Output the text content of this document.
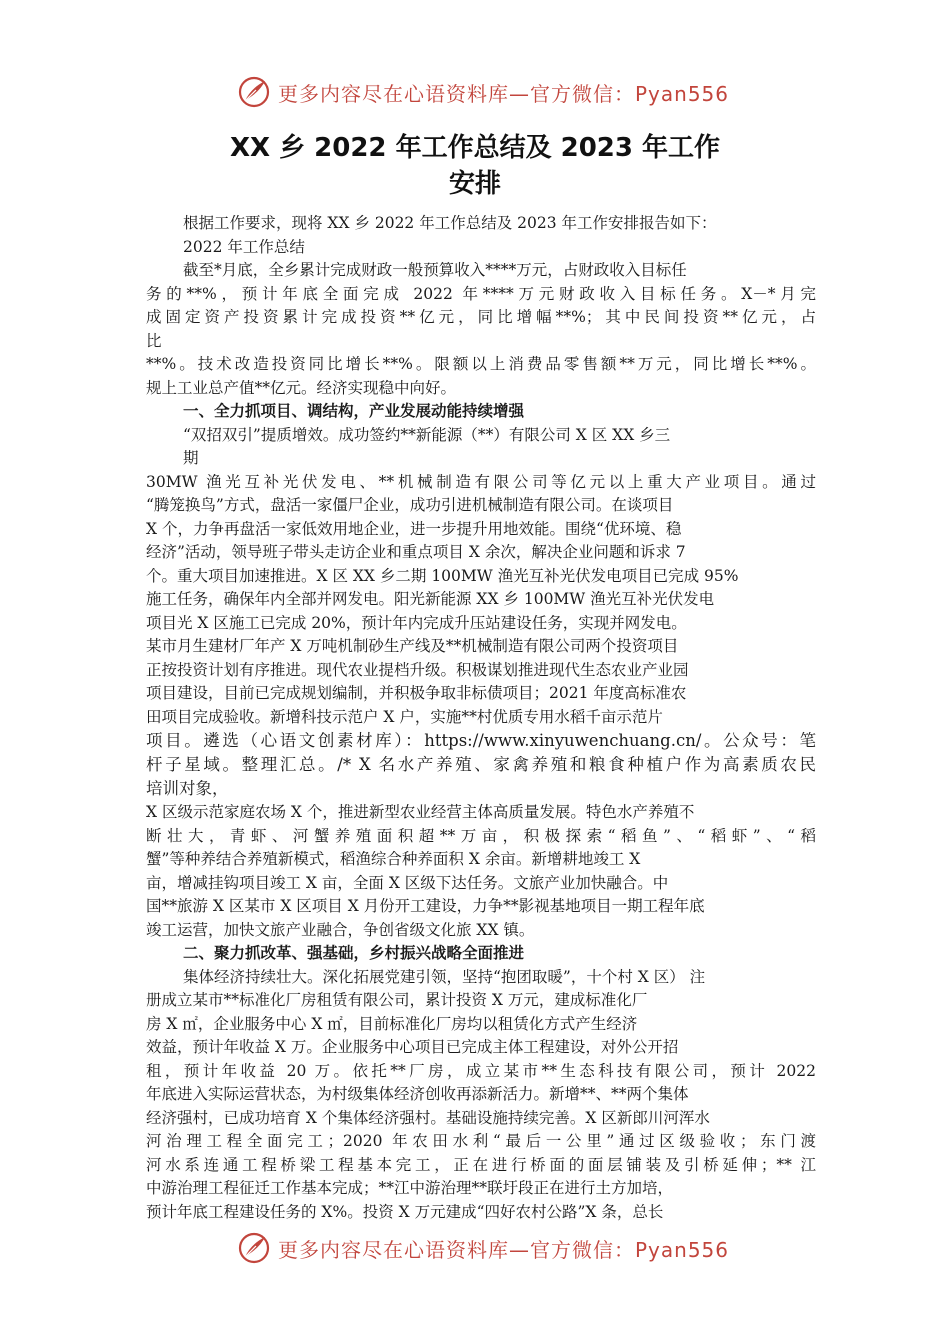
更多内容尽在心语资料库—官方微信：Pyan556
XX 乡 2022 年工作总结及 2023 年工作
安排
根据工作要求，现将 XX 乡 2022 年工作总结及 2023 年工作安排报告如下：
2022 年工作总结
截至*月底，全乡累计完成财政一般预算收入****万元，占财政收入目标任
务的**%，预计年底全面完成 2022 年****万元财政收入目标任务。X－*月完
成固定资产投资累计完成投资**亿元，同比增幅**%；其中民间投资**亿元，占
比
**%。技术改造投资同比增长**%。限额以上消费品零售额**万元，同比增长**%。
规上工业总产值**亿元。经济实现稳中向好。
一、全力抓项目、调结构，产业发展动能持续增强
“双招双引”提质增效。成功签约**新能源（**）有限公司 X 区 XX 乡三
期
30MW 渔光互补光伏发电、**机械制造有限公司等亿元以上重大产业项目。通过
“腾笼换鸟”方式，盘活一家僵尸企业，成功引进机械制造有限公司。在谈项目
X 个，力争再盘活一家低效用地企业，进一步提升用地效能。围绕“优环境、稳
经济”活动，领导班子带头走访企业和重点项目 X 余次，解决企业问题和诉求 7
个。重大项目加速推进。X 区 XX 乡二期 100MW 渔光互补光伏发电项目已完成 95%
施工任务，确保年内全部并网发电。阳光新能源 XX 乡 100MW 渔光互补光伏发电
项目光 X 区施工已完成 20%，预计年内完成升压站建设任务，实现并网发电。
某市月生建材厂年产 X 万吨机制砂生产线及**机械制造有限公司两个投资项目
正按投资计划有序推进。现代农业提档升级。积极谋划推进现代生态农业产业园
项目建设，目前已完成规划编制，并积极争取非标债项目；2021 年度高标准农
田项目完成验收。新增科技示范户 X 户，实施**村优质专用水稻千亩示范片
项目。遴选（心语文创素材库）：https://www.xinyuwenchuang.cn/。公众号：笔
杆子星域。整理汇总。/* X 名水产养殖、家禽养殖和粮食种植户作为高素质农民
培训对象，
X 区级示范家庭农场 X 个，推进新型农业经营主体高质量发展。特色水产养殖不
断壮大，青虾、河蟹养殖面积超**万亩，积极探索“稻鱼”、“稻虾”、“稻
蟹”等种养结合养殖新模式，稻渔综合种养面积 X 余亩。新增耕地竣工 X
亩，增减挂钩项目竣工 X 亩，全面 X 区级下达任务。文旅产业加快融合。中
国**旅游 X 区某市 X 区项目 X 月份开工建设，力争**影视基地项目一期工程年底
竣工运营，加快文旅产业融合，争创省级文化旅 XX 镇。
二、聚力抓改革、强基础，乡村振兴战略全面推进
集体经济持续壮大。深化拓展党建引领，坚持“抱团取暖”，十个村 X 区） 注
册成立某市**标准化厂房租赁有限公司，累计投资 X 万元，建成标准化厂
房 X ㎡，企业服务中心 X ㎡，目前标准化厂房均以租赁化方式产生经济
效益，预计年收益 X 万。企业服务中心项目已完成主体工程建设，对外公开招
租，预计年收益 20 万。依托**厂房，成立某市**生态科技有限公司，预计 2022
年底进入实际运营状态，为村级集体经济创收再添新活力。新增**、**两个集体
经济强村，已成功培育 X 个集体经济强村。基础设施持续完善。X 区新郎川河浑水
河治理工程全面完工；2020 年农田水利“最后一公里”通过区级验收；东门渡
河水系连通工程桥梁工程基本完工，正在进行桥面的面层铺装及引桥延伸；** 江
中游治理工程征迁工作基本完成；**江中游治理**联圩段正在进行土方加培，
预计年底工程建设任务的 X%。投资 X 万元建成“四好农村公路”X 条，总长
更多内容尽在心语资料库—官方微信：Pyan556
